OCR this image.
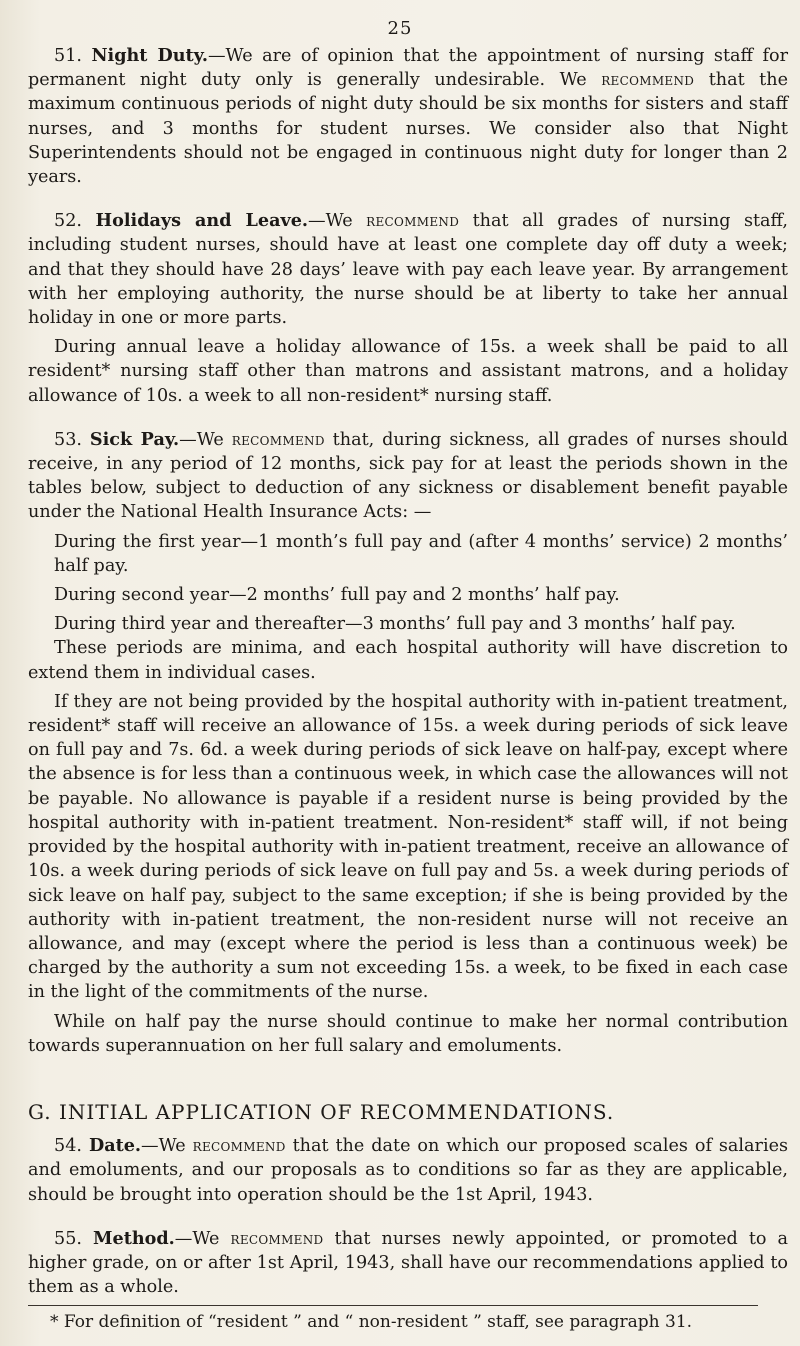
25

51. Night Duty.—We are of opinion that the appointment of nursing staff for permanent night duty only is generally undesirable. We recommend that the maximum continuous periods of night duty should be six months for sisters and staff nurses, and 3 months for student nurses. We consider also that Night Superintendents should not be engaged in continuous night duty for longer than 2 years.

52. Holidays and Leave.—We recommend that all grades of nursing staff, including student nurses, should have at least one complete day off duty a week; and that they should have 28 days’ leave with pay each leave year. By arrangement with her employing authority, the nurse should be at liberty to take her annual holiday in one or more parts.

During annual leave a holiday allowance of 15s. a week shall be paid to all resident* nursing staff other than matrons and assistant matrons, and a holiday allowance of 10s. a week to all non-resident* nursing staff.

53. Sick Pay.—We recommend that, during sickness, all grades of nurses should receive, in any period of 12 months, sick pay for at least the periods shown in the tables below, subject to deduction of any sickness or disablement benefit payable under the National Health Insurance Acts: —

During the first year—1 month’s full pay and (after 4 months’ service) 2 months’ half pay.

During second year—2 months’ full pay and 2 months’ half pay.

During third year and thereafter—3 months’ full pay and 3 months’ half pay.

These periods are minima, and each hospital authority will have discretion to extend them in individual cases.

If they are not being provided by the hospital authority with in-patient treatment, resident* staff will receive an allowance of 15s. a week during periods of sick leave on full pay and 7s. 6d. a week during periods of sick leave on half-pay, except where the absence is for less than a continuous week, in which case the allowances will not be payable. No allowance is payable if a resident nurse is being provided by the hospital authority with in-patient treatment. Non-resident* staff will, if not being provided by the hospital authority with in-patient treatment, receive an allowance of 10s. a week during periods of sick leave on full pay and 5s. a week during periods of sick leave on half pay, subject to the same exception; if she is being provided by the authority with in-patient treatment, the non-resident nurse will not receive an allowance, and may (except where the period is less than a continuous week) be charged by the authority a sum not exceeding 15s. a week, to be fixed in each case in the light of the commitments of the nurse.

While on half pay the nurse should continue to make her normal contribution towards superannuation on her full salary and emoluments.

G. INITIAL APPLICATION OF RECOMMENDATIONS.

54. Date.—We recommend that the date on which our proposed scales of salaries and emoluments, and our proposals as to conditions so far as they are applicable, should be brought into operation should be the 1st April, 1943.

55. Method.—We recommend that nurses newly appointed, or promoted to a higher grade, on or after 1st April, 1943, shall have our recommendations applied to them as a whole.

* For definition of “resident ” and “ non-resident ” staff, see paragraph 31.
